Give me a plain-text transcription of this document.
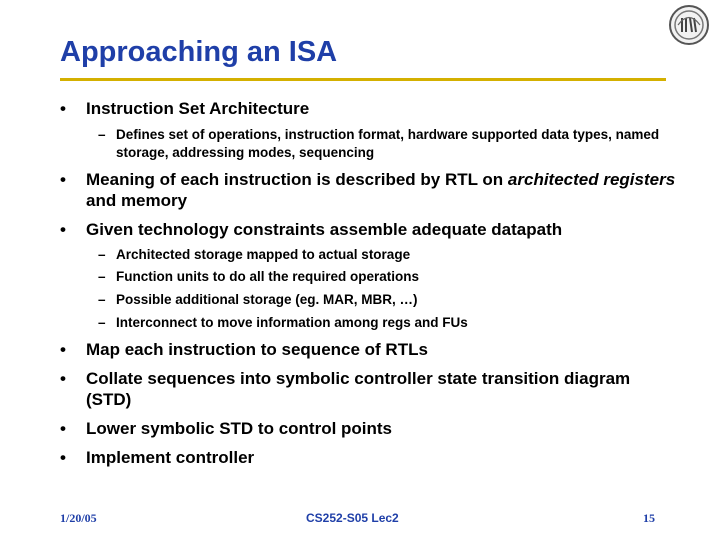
Approaching an ISA
• Instruction Set Architecture
– Defines set of operations, instruction format, hardware supported data types, named storage, addressing modes, sequencing
• Meaning of each instruction is described by RTL on architected registers and memory
• Given technology constraints assemble adequate datapath
– Architected storage mapped to actual storage
– Function units to do all the required operations
– Possible additional storage (eg. MAR, MBR, …)
– Interconnect to move information among regs and FUs
• Map each instruction to sequence of RTLs
• Collate sequences into symbolic controller state transition diagram (STD)
• Lower symbolic STD to control points
• Implement controller
1/20/05	CS252-S05 Lec2	15
